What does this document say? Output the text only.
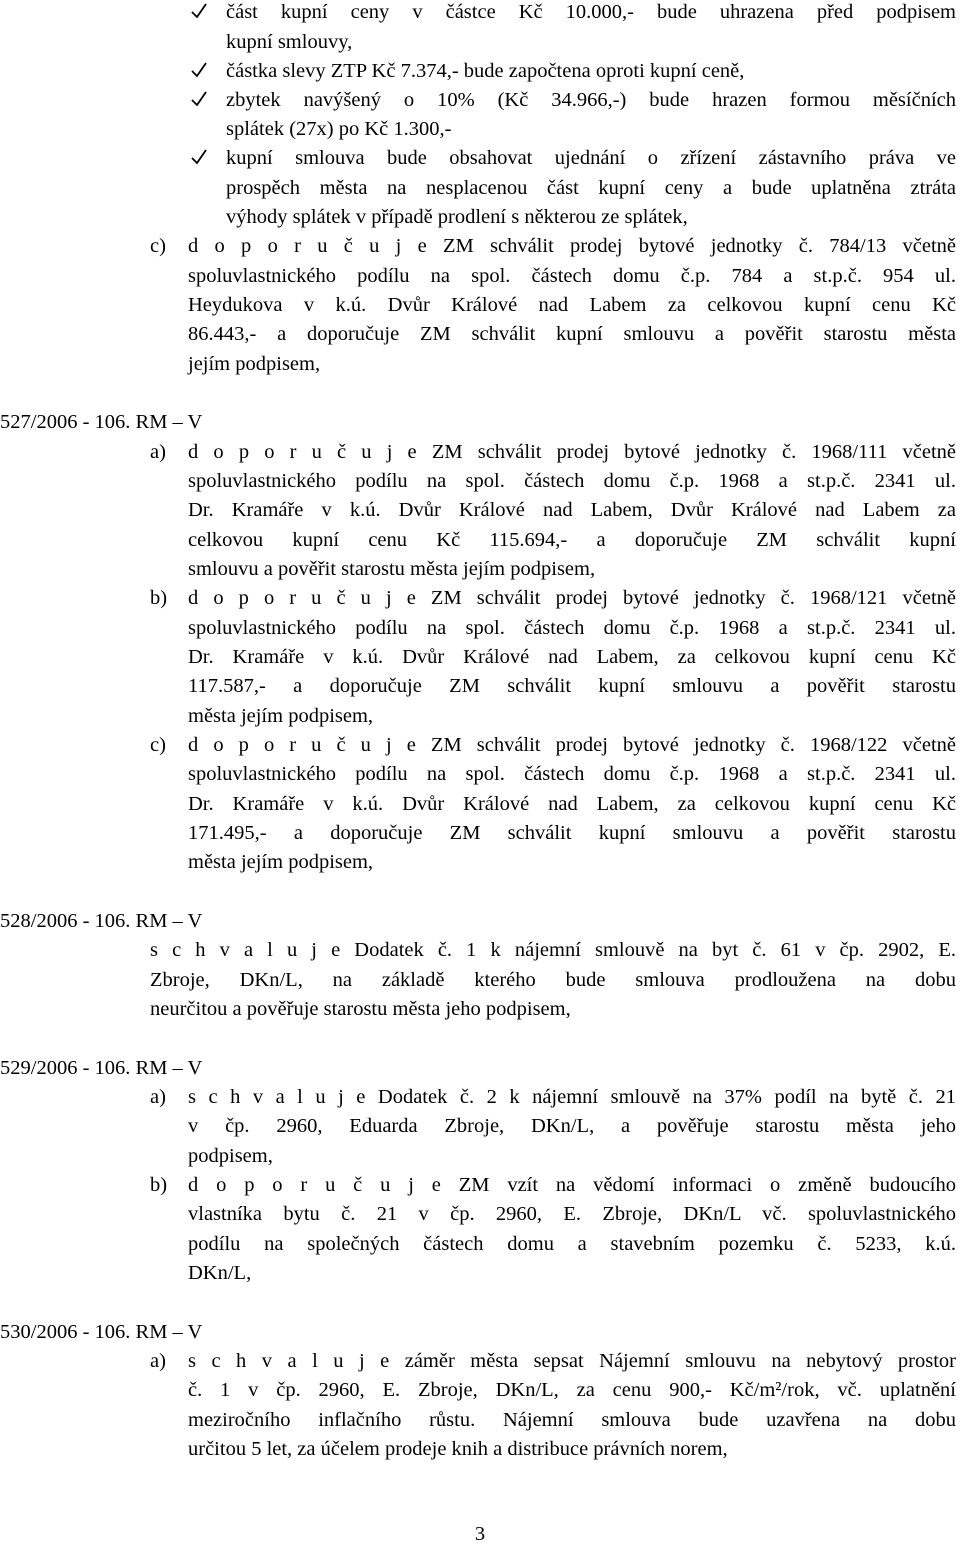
část kupní ceny v částce Kč 10.000,- bude uhrazena před podpisem
kupní smlouvy,
částka slevy ZTP Kč 7.374,- bude započtena oproti kupní ceně,
zbytek navýšený o 10% (Kč 34.966,-) bude hrazen formou měsíčních
splátek (27x) po Kč 1.300,-
kupní smlouva bude obsahovat ujednání o zřízení zástavního práva ve
prospěch města na nesplacenou část kupní ceny a bude uplatněna ztráta
výhody splátek v případě prodlení s některou ze splátek,
c) d o p o r u č u j e ZM schválit prodej bytové jednotky č. 784/13 včetně
spoluvlastnického podílu na spol. částech domu č.p. 784 a st.p.č. 954 ul.
Heydukova v k.ú. Dvůr Králové nad Labem za celkovou kupní cenu Kč
86.443,- a doporučuje ZM schválit kupní smlouvu a pověřit starostu města
jejím podpisem,
527/2006 - 106. RM – V
a) d o p o r u č u j e ZM schválit prodej bytové jednotky č. 1968/111 včetně
spoluvlastnického podílu na spol. částech domu č.p. 1968 a st.p.č. 2341 ul.
Dr. Kramáře v k.ú. Dvůr Králové nad Labem, Dvůr Králové nad Labem za
celkovou kupní cenu Kč 115.694,- a doporučuje ZM schválit kupní
smlouvu a pověřit starostu města jejím podpisem,
b) d o p o r u č u j e ZM schválit prodej bytové jednotky č. 1968/121 včetně
spoluvlastnického podílu na spol. částech domu č.p. 1968 a st.p.č. 2341 ul.
Dr. Kramáře v k.ú. Dvůr Králové nad Labem, za celkovou kupní cenu Kč
117.587,- a doporučuje ZM schválit kupní smlouvu a pověřit starostu
města jejím podpisem,
c) d o p o r u č u j e ZM schválit prodej bytové jednotky č. 1968/122 včetně
spoluvlastnického podílu na spol. částech domu č.p. 1968 a st.p.č. 2341 ul.
Dr. Kramáře v k.ú. Dvůr Králové nad Labem, za celkovou kupní cenu Kč
171.495,- a doporučuje ZM schválit kupní smlouvu a pověřit starostu
města jejím podpisem,
528/2006 - 106. RM – V
s c h v a l u j e Dodatek č. 1 k nájemní smlouvě na byt č. 61 v čp. 2902, E.
Zbroje, DKn/L, na základě kterého bude smlouva prodloužena na dobu
neurčitou a pověřuje starostu města jeho podpisem,
529/2006 - 106. RM – V
a) s c h v a l u j e Dodatek č. 2 k nájemní smlouvě na 37% podíl na bytě č. 21
v čp. 2960, Eduarda Zbroje, DKn/L, a pověřuje starostu města jeho
podpisem,
b) d o p o r u č u j e ZM vzít na vědomí informaci o změně budoucího
vlastníka bytu č. 21 v čp. 2960, E. Zbroje, DKn/L vč. spoluvlastnického
podílu na společných částech domu a stavebním pozemku č. 5233, k.ú.
DKn/L,
530/2006 - 106. RM – V
a) s c h v a l u j e záměr města sepsat Nájemní smlouvu na nebytový prostor
č. 1 v čp. 2960, E. Zbroje, DKn/L, za cenu 900,- Kč/m²/rok, vč. uplatnění
meziročního inflačního růstu. Nájemní smlouva bude uzavřena na dobu
určitou 5 let, za účelem prodeje knih a distribuce právních norem,
3
